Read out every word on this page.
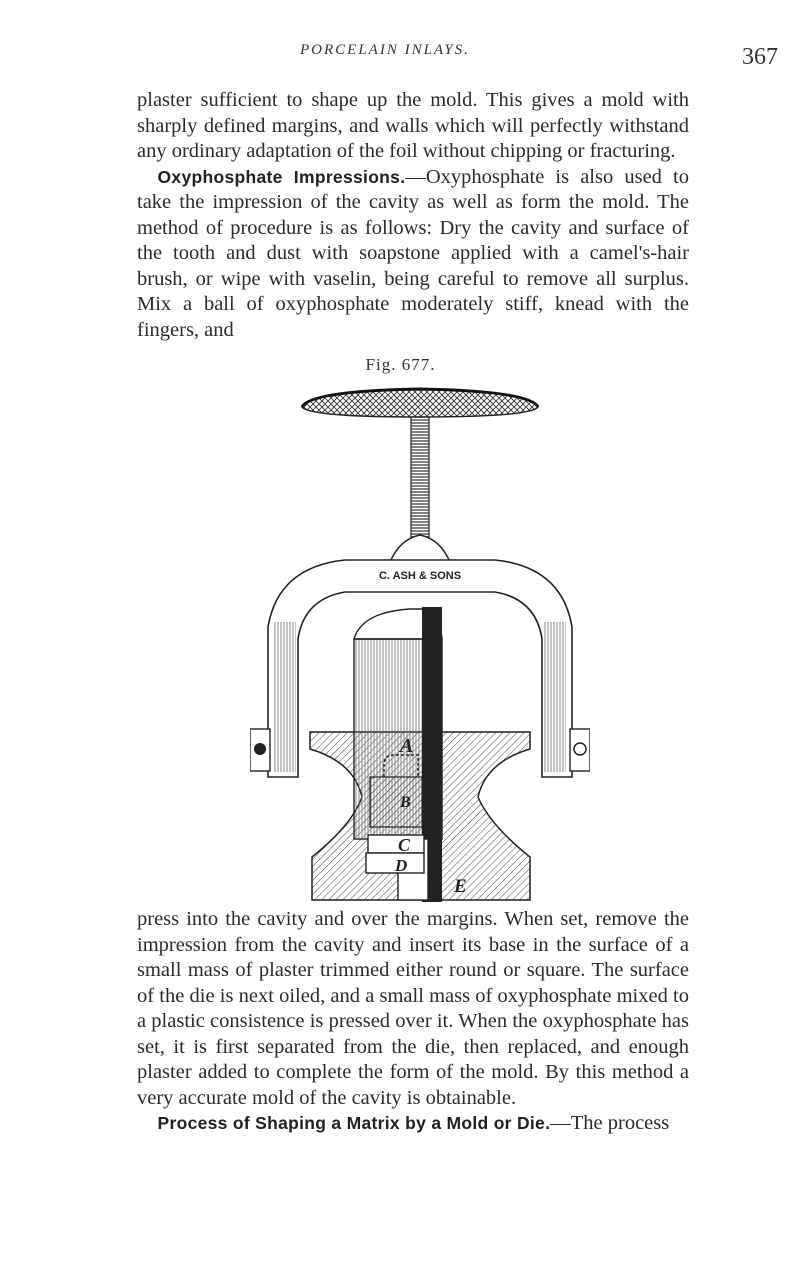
PORCELAIN INLAYS.	367

plaster sufficient to shape up the mold. This gives a mold with sharply defined margins, and walls which will perfectly withstand any ordinary adaptation of the foil without chipping or fracturing.
 Oxyphosphate Impressions.—Oxyphosphate is also used to take the impression of the cavity as well as form the mold. The method of procedure is as follows: Dry the cavity and surface of the tooth and dust with soapstone applied with a camel's-hair brush, or wipe with vaselin, being careful to remove all surplus. Mix a ball of oxyphosphate moderately stiff, knead with the fingers, and

Fig. 677.
C. ASH & SONS
A
B
C
D
E

press into the cavity and over the margins. When set, remove the impression from the cavity and insert its base in the surface of a small mass of plaster trimmed either round or square. The surface of the die is next oiled, and a small mass of oxyphosphate mixed to a plastic consistence is pressed over it. When the oxyphosphate has set, it is first separated from the die, then replaced, and enough plaster added to complete the form of the mold. By this method a very accurate mold of the cavity is obtainable.
 Process of Shaping a Matrix by a Mold or Die.—The process
